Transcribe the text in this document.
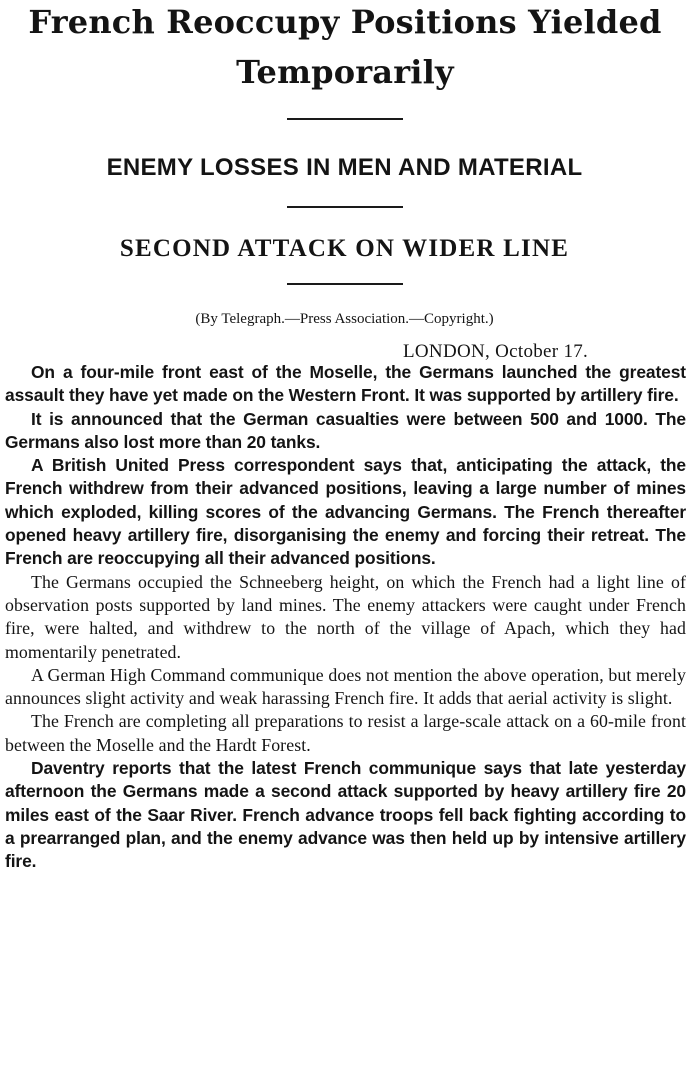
French Reoccupy Positions Yielded
Temporarily
ENEMY LOSSES IN MEN AND MATERIAL
SECOND ATTACK ON WIDER LINE

(By Telegraph.—Press Association.—Copyright.)

LONDON, October 17.

On a four-mile front east of the Moselle, the Germans launched the greatest assault they have yet made on the Western Front. It was supported by artillery fire.

It is announced that the German casualties were between 500 and 1000. The Germans also lost more than 20 tanks.

A British United Press correspondent says that, anticipating the attack, the French withdrew from their advanced positions, leaving a large number of mines which exploded, killing scores of the advancing Germans. The French thereafter opened heavy artillery fire, disorganising the enemy and forcing their retreat. The French are reoccupying all their advanced positions.

The Germans occupied the Schneeberg height, on which the French had a light line of observation posts supported by land mines. The enemy attackers were caught under French fire, were halted, and withdrew to the north of the village of Apach, which they had momentarily penetrated.

A German High Command communique does not mention the above operation, but merely announces slight activity and weak harassing French fire. It adds that aerial activity is slight.

The French are completing all preparations to resist a large-scale attack on a 60-mile front between the Moselle and the Hardt Forest.

Daventry reports that the latest French communique says that late yesterday afternoon the Germans made a second attack supported by heavy artillery fire 20 miles east of the Saar River. French advance troops fell back fighting according to a prearranged plan, and the enemy advance was then held up by intensive artillery fire.
